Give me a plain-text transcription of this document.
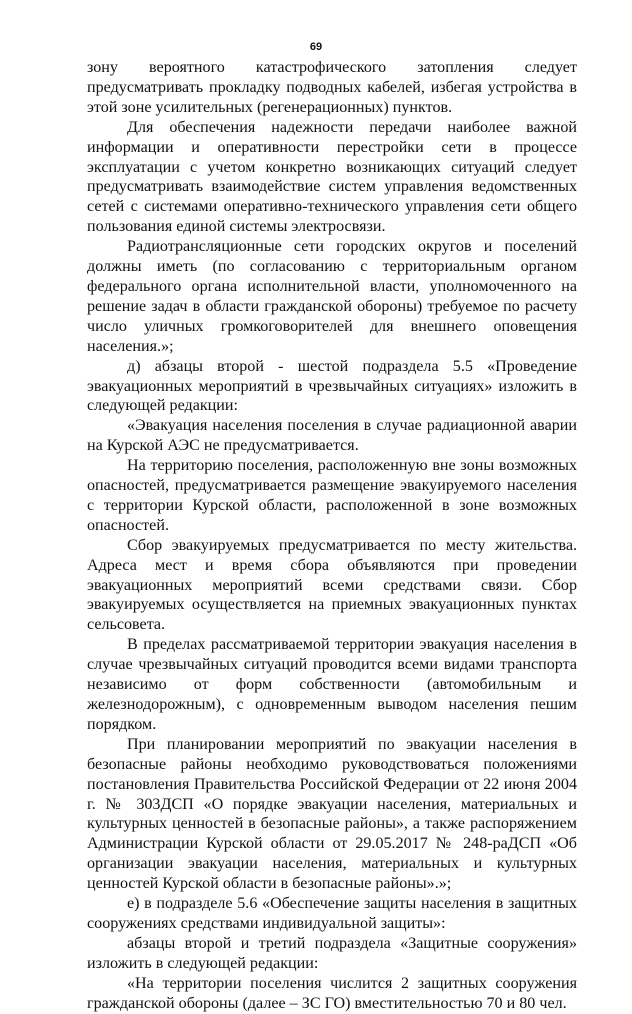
69

зону вероятного катастрофического затопления следует предусматривать прокладку подводных кабелей, избегая устройства в этой зоне усилительных (регенерационных) пунктов.

Для обеспечения надежности передачи наиболее важной информации и оперативности перестройки сети в процессе эксплуатации с учетом конкретно возникающих ситуаций следует предусматривать взаимодействие систем управления ведомственных сетей с системами оперативно-технического управления сети общего пользования единой системы электросвязи.

Радиотрансляционные сети городских округов и поселений должны иметь (по согласованию с территориальным органом федерального органа исполнительной власти, уполномоченного на решение задач в области гражданской обороны) требуемое по расчету число уличных громкоговорителей для внешнего оповещения населения.»;

д) абзацы второй - шестой подраздела 5.5 «Проведение эвакуационных мероприятий в чрезвычайных ситуациях» изложить в следующей редакции:

«Эвакуация населения поселения в случае радиационной аварии на Курской АЭС не предусматривается.

На территорию поселения, расположенную вне зоны возможных опасностей, предусматривается размещение эвакуируемого населения с территории Курской области, расположенной в зоне возможных опасностей.

Сбор эвакуируемых предусматривается по месту жительства. Адреса мест и время сбора объявляются при проведении эвакуационных мероприятий всеми средствами связи. Сбор эвакуируемых осуществляется на приемных эвакуационных пунктах сельсовета.

В пределах рассматриваемой территории эвакуация населения в случае чрезвычайных ситуаций проводится всеми видами транспорта независимо от форм собственности (автомобильным и железнодорожным), с одновременным выводом населения пешим порядком.

При планировании мероприятий по эвакуации населения в безопасные районы необходимо руководствоваться положениями постановления Правительства Российской Федерации от 22 июня 2004 г. № 303ДСП «О порядке эвакуации населения, материальных и культурных ценностей в безопасные районы», а также распоряжением Администрации Курской области от 29.05.2017 № 248-раДСП «Об организации эвакуации населения, материальных и культурных ценностей Курской области в безопасные районы».»;

е) в подразделе 5.6 «Обеспечение защиты населения в защитных сооружениях средствами индивидуальной защиты»:

абзацы второй и третий подраздела «Защитные сооружения» изложить в следующей редакции:

«На территории поселения числится 2 защитных сооружения гражданской обороны (далее – ЗС ГО) вместительностью 70 и 80 чел.
